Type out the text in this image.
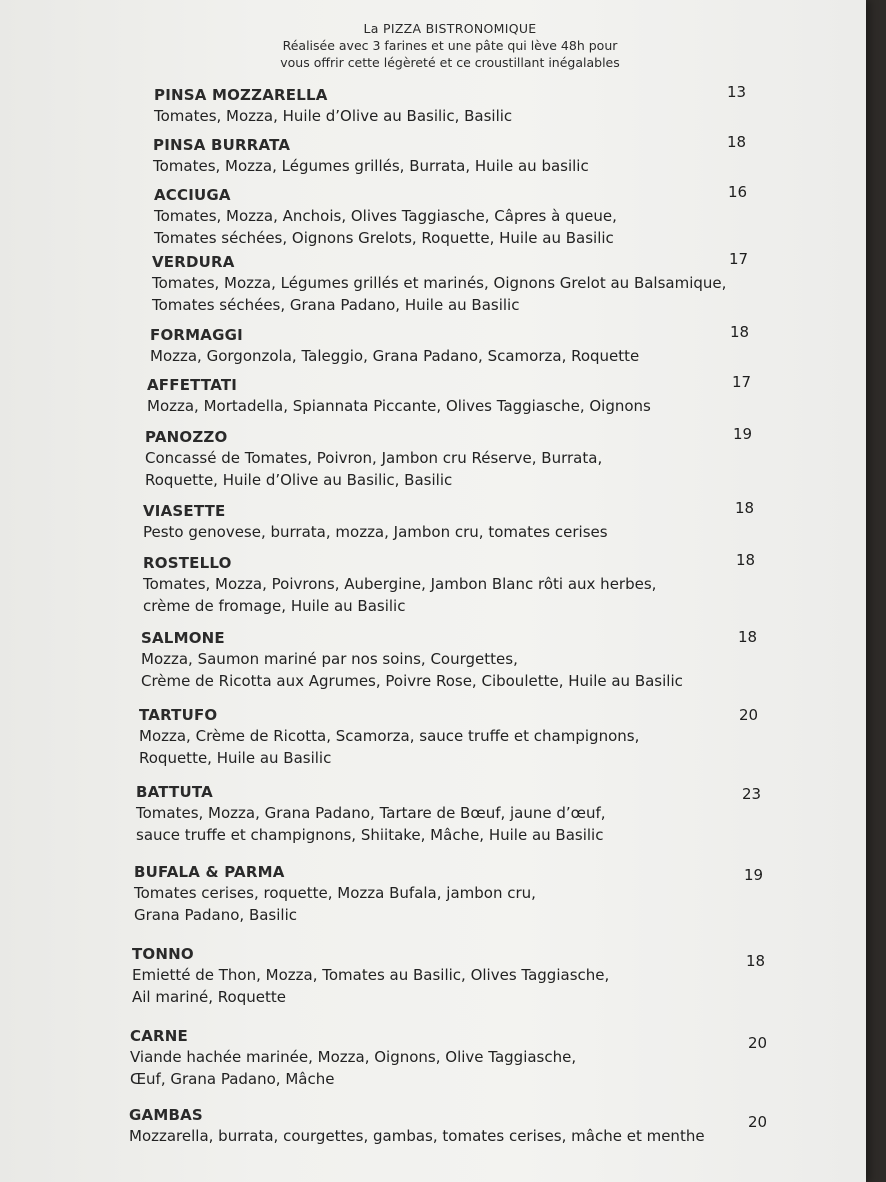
La PIZZA BISTRONOMIQUE
Réalisée avec 3 farines et une pâte qui lève 48h pour
vous offrir cette légèreté et ce croustillant inégalables
PINSA MOZZARELLA
Tomates, Mozza, Huile d’Olive au Basilic, Basilic
13
PINSA BURRATA
Tomates, Mozza, Légumes grillés, Burrata, Huile au basilic
18
ACCIUGA
Tomates, Mozza, Anchois, Olives Taggiasche, Câpres à queue,
Tomates séchées, Oignons Grelots, Roquette, Huile au Basilic
16
VERDURA
Tomates, Mozza, Légumes grillés et marinés, Oignons Grelot au Balsamique,
Tomates séchées, Grana Padano, Huile au Basilic
17
FORMAGGI
Mozza, Gorgonzola, Taleggio, Grana Padano, Scamorza, Roquette
18
AFFETTATI
Mozza, Mortadella, Spiannata Piccante, Olives Taggiasche, Oignons
17
PANOZZO
Concassé de Tomates, Poivron, Jambon cru Réserve, Burrata,
Roquette, Huile d’Olive au Basilic, Basilic
19
VIASETTE
Pesto genovese, burrata, mozza, Jambon cru, tomates cerises
18
ROSTELLO
Tomates, Mozza, Poivrons, Aubergine, Jambon Blanc rôti aux herbes,
crème de fromage, Huile au Basilic
18
SALMONE
Mozza, Saumon mariné par nos soins, Courgettes,
Crème de Ricotta aux Agrumes, Poivre Rose, Ciboulette, Huile au Basilic
18
TARTUFO
Mozza, Crème de Ricotta, Scamorza, sauce truffe et champignons,
Roquette, Huile au Basilic
20
BATTUTA
Tomates, Mozza, Grana Padano, Tartare de Bœuf, jaune d’œuf,
sauce truffe et champignons, Shiitake, Mâche, Huile au Basilic
23
BUFALA & PARMA
Tomates cerises, roquette, Mozza Bufala, jambon cru,
Grana Padano, Basilic
19
TONNO
Emietté de Thon, Mozza, Tomates au Basilic, Olives Taggiasche,
Ail mariné, Roquette
18
CARNE
Viande hachée marinée, Mozza, Oignons, Olive Taggiasche,
Œuf, Grana Padano, Mâche
20
GAMBAS
Mozzarella, burrata, courgettes, gambas, tomates cerises, mâche et menthe
20
